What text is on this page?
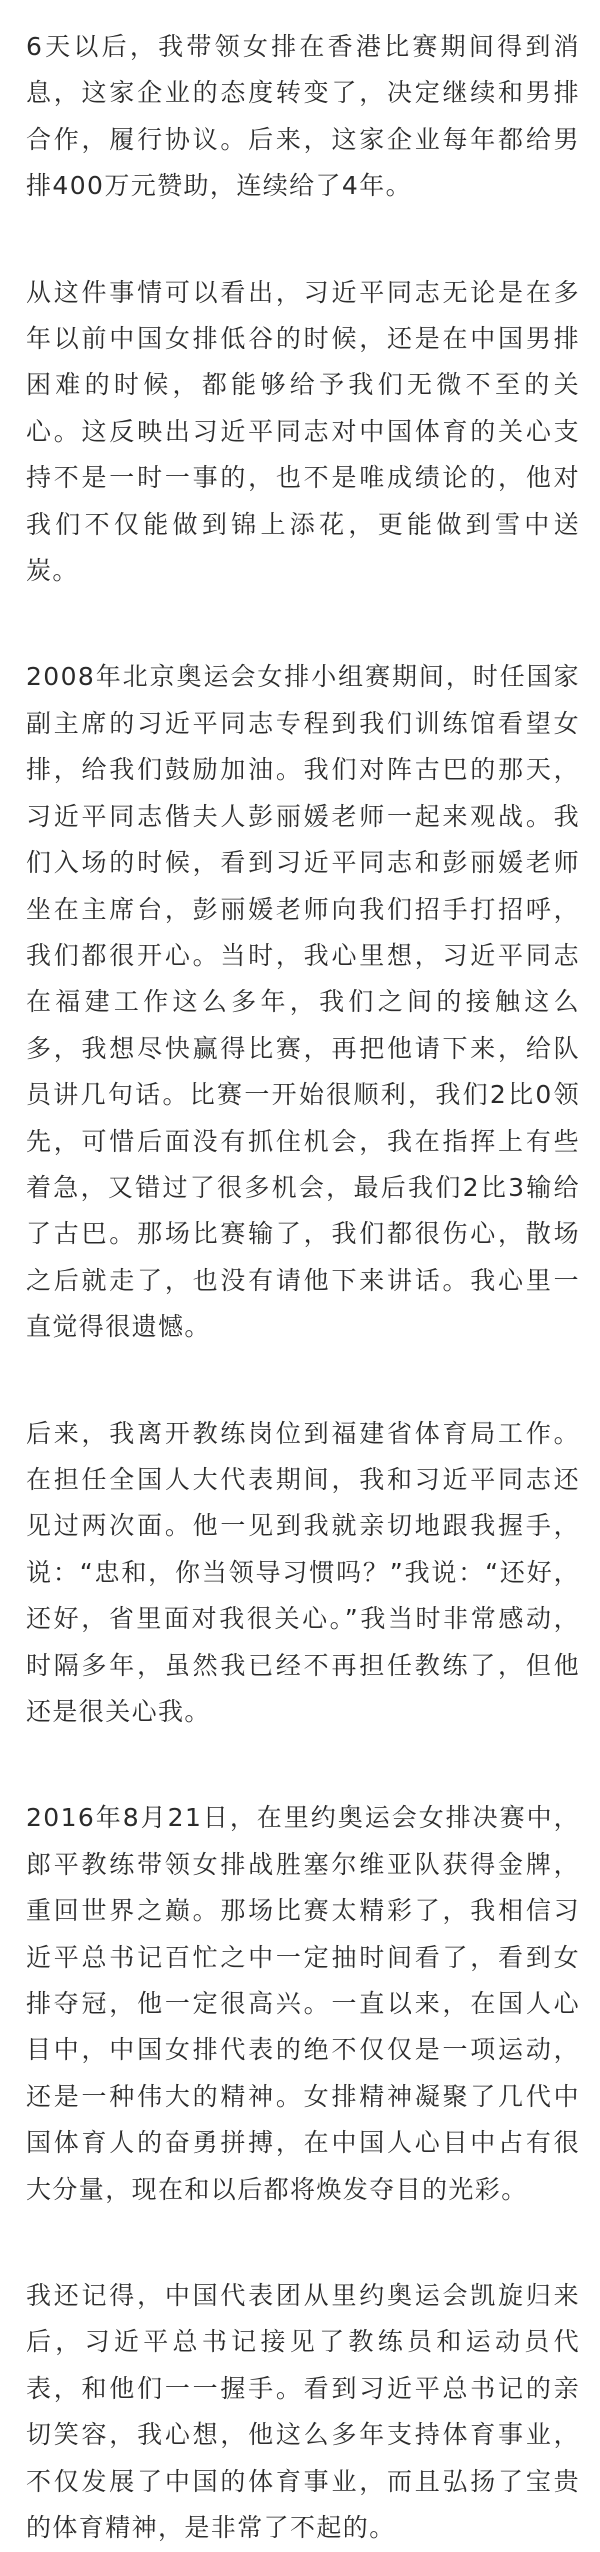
6天以后，我带领女排在香港比赛期间得到消息，这家企业的态度转变了，决定继续和男排合作，履行协议。后来，这家企业每年都给男排400万元赞助，连续给了4年。

从这件事情可以看出，习近平同志无论是在多年以前中国女排低谷的时候，还是在中国男排困难的时候，都能够给予我们无微不至的关心。这反映出习近平同志对中国体育的关心支持不是一时一事的，也不是唯成绩论的，他对我们不仅能做到锦上添花，更能做到雪中送炭。

2008年北京奥运会女排小组赛期间，时任国家副主席的习近平同志专程到我们训练馆看望女排，给我们鼓励加油。我们对阵古巴的那天，习近平同志偕夫人彭丽媛老师一起来观战。我们入场的时候，看到习近平同志和彭丽媛老师坐在主席台，彭丽媛老师向我们招手打招呼，我们都很开心。当时，我心里想，习近平同志在福建工作这么多年，我们之间的接触这么多，我想尽快赢得比赛，再把他请下来，给队员讲几句话。比赛一开始很顺利，我们2比0领先，可惜后面没有抓住机会，我在指挥上有些着急，又错过了很多机会，最后我们2比3输给了古巴。那场比赛输了，我们都很伤心，散场之后就走了，也没有请他下来讲话。我心里一直觉得很遗憾。

后来，我离开教练岗位到福建省体育局工作。在担任全国人大代表期间，我和习近平同志还见过两次面。他一见到我就亲切地跟我握手，说：“忠和，你当领导习惯吗？”我说：“还好，还好，省里面对我很关心。”我当时非常感动，时隔多年，虽然我已经不再担任教练了，但他还是很关心我。

2016年8月21日，在里约奥运会女排决赛中，郎平教练带领女排战胜塞尔维亚队获得金牌，重回世界之巅。那场比赛太精彩了，我相信习近平总书记百忙之中一定抽时间看了，看到女排夺冠，他一定很高兴。一直以来，在国人心目中，中国女排代表的绝不仅仅是一项运动，还是一种伟大的精神。女排精神凝聚了几代中国体育人的奋勇拼搏，在中国人心目中占有很大分量，现在和以后都将焕发夺目的光彩。

我还记得，中国代表团从里约奥运会凯旋归来后，习近平总书记接见了教练员和运动员代表，和他们一一握手。看到习近平总书记的亲切笑容，我心想，他这么多年支持体育事业，不仅发展了中国的体育事业，而且弘扬了宝贵的体育精神，是非常了不起的。
